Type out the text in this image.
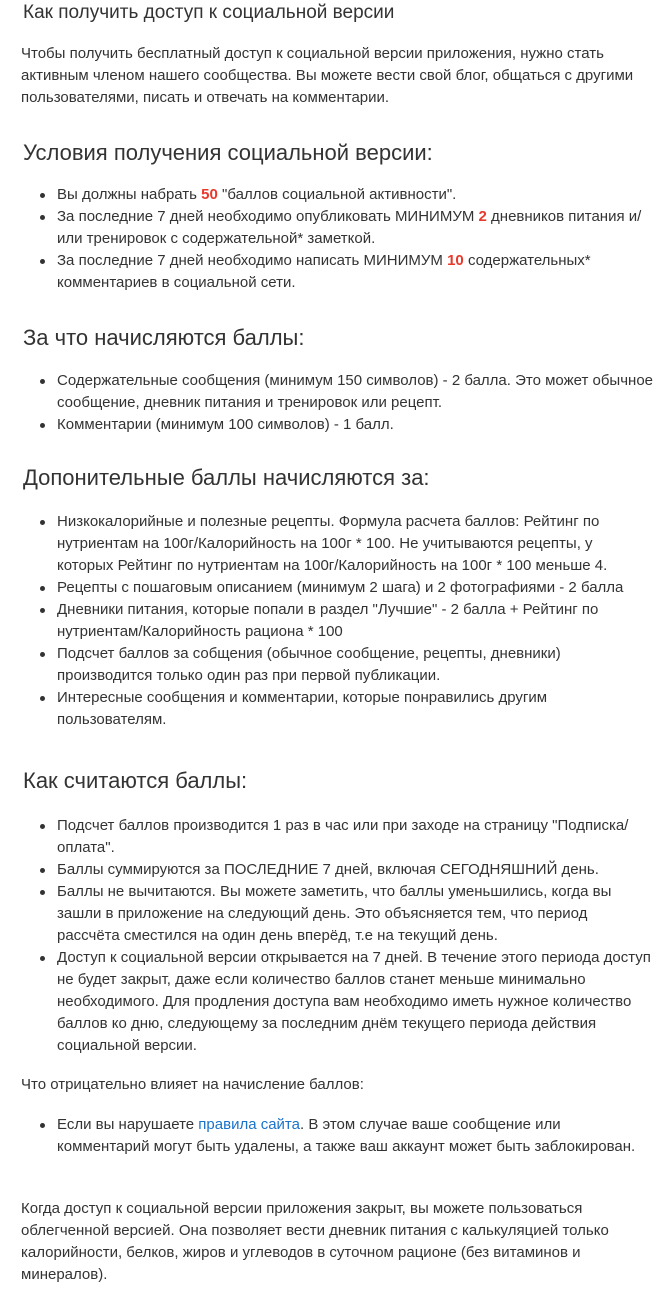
Как получить доступ к социальной версии

Чтобы получить бесплатный доступ к социальной версии приложения, нужно стать активным членом нашего сообщества. Вы можете вести свой блог, общаться с другими пользователями, писать и отвечать на комментарии.

Условия получения социальной версии:
Вы должны набрать 50 "баллов социальной активности".
За последние 7 дней необходимо опубликовать МИНИМУМ 2 дневников питания и/или тренировок с содержательной* заметкой.
За последние 7 дней необходимо написать МИНИМУМ 10 содержательных* комментариев в социальной сети.
За что начисляются баллы:
Содержательные сообщения (минимум 150 символов) - 2 балла. Это может обычное сообщение, дневник питания и тренировок или рецепт.
Комментарии (минимум 100 символов) - 1 балл.
Допонительные баллы начисляются за:
Низкокалорийные и полезные рецепты. Формула расчета баллов: Рейтинг по нутриентам на 100г/Калорийность на 100г * 100. Не учитываются рецепты, у которых Рейтинг по нутриентам на 100г/Калорийность на 100г * 100 меньше 4.
Рецепты с пошаговым описанием (минимум 2 шага) и 2 фотографиями - 2 балла
Дневники питания, которые попали в раздел "Лучшие" - 2 балла + Рейтинг по нутриентам/Калорийность рациона * 100
Подсчет баллов за собщения (обычное сообщение, рецепты, дневники) производится только один раз при первой публикации.
Интересные сообщения и комментарии, которые понравились другим пользователям.
Как считаются баллы:
Подсчет баллов производится 1 раз в час или при заходе на страницу "Подписка/оплата".
Баллы суммируются за ПОСЛЕДНИЕ 7 дней, включая СЕГОДНЯШНИЙ день.
Баллы не вычитаются. Вы можете заметить, что баллы уменьшились, когда вы зашли в приложение на следующий день. Это объясняется тем, что период рассчёта сместился на один день вперёд, т.е на текущий день.
Доступ к социальной версии открывается на 7 дней. В течение этого периода доступ не будет закрыт, даже если количество баллов станет меньше минимально необходимого. Для продления доступа вам необходимо иметь нужное количество баллов ко дню, следующему за последним днём текущего периода действия социальной версии.

Что отрицательно влияет на начисление баллов:

Если вы нарушаете правила сайта. В этом случае ваше сообщение или комментарий могут быть удалены, а также ваш аккаунт может быть заблокирован.

Когда доступ к социальной версии приложения закрыт, вы можете пользоваться облегченной версией. Она позволяет вести дневник питания с калькуляцией только калорийности, белков, жиров и углеводов в суточном рационе (без витаминов и минералов).
